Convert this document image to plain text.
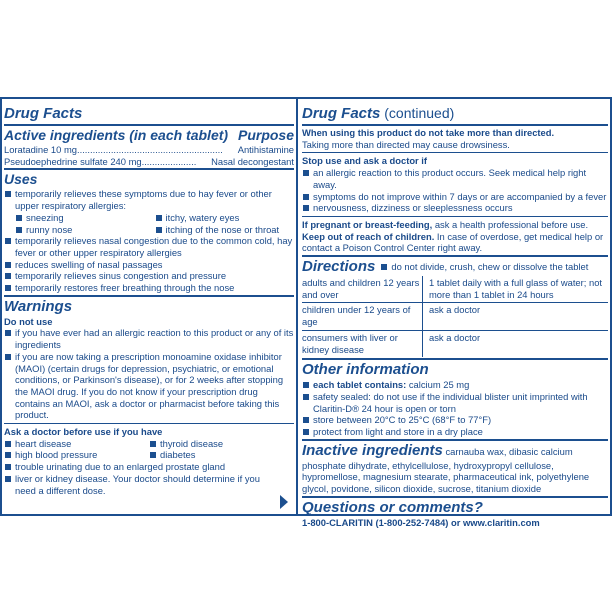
Drug Facts
Active ingredients (in each tablet) Purpose
Loratadine 10 mg........................................................ Antihistamine
Pseudoephedrine sulfate 240 mg..................... Nasal decongestant
Uses
temporarily relieves these symptoms due to hay fever or other upper respiratory allergies:
sneezing
runny nose
itchy, watery eyes
itching of the nose or throat
temporarily relieves nasal congestion due to the common cold, hay fever or other upper respiratory allergies
reduces swelling of nasal passages
temporarily relieves sinus congestion and pressure
temporarily restores freer breathing through the nose
Warnings
Do not use
if you have ever had an allergic reaction to this product or any of its ingredients
if you are now taking a prescription monoamine oxidase inhibitor (MAOI) (certain drugs for depression, psychiatric, or emotional conditions, or Parkinson's disease), or for 2 weeks after stopping the MAOI drug. If you do not know if your prescription drug contains an MAOI, ask a doctor or pharmacist before taking this product.
Ask a doctor before use if you have
heart disease
high blood pressure
thyroid disease
diabetes
trouble urinating due to an enlarged prostate gland
liver or kidney disease. Your doctor should determine if you need a different dose.
Drug Facts (continued)
When using this product do not take more than directed.
Taking more than directed may cause drowsiness.
Stop use and ask a doctor if
an allergic reaction to this product occurs. Seek medical help right away.
symptoms do not improve within 7 days or are accompanied by a fever
nervousness, dizziness or sleeplessness occurs
If pregnant or breast-feeding, ask a health professional before use.
Keep out of reach of children. In case of overdose, get medical help or contact a Poison Control Center right away.
Directions do not divide, crush, chew or dissolve the tablet
adults and children 12 years and over	1 tablet daily with a full glass of water; not more than 1 tablet in 24 hours
children under 12 years of age	ask a doctor
consumers with liver or kidney disease	ask a doctor
Other information
each tablet contains: calcium 25 mg
safety sealed: do not use if the individual blister unit imprinted with Claritin-D® 24 hour is open or torn
store between 20°C to 25°C (68°F to 77°F)
protect from light and store in a dry place
Inactive ingredients carnauba wax, dibasic calcium phosphate dihydrate, ethylcellulose, hydroxypropyl cellulose, hypromellose, magnesium stearate, pharmaceutical ink, polyethylene glycol, povidone, silicon dioxide, sucrose, titanium dioxide
Questions or comments?
1-800-CLARITIN (1-800-252-7484) or www.claritin.com
